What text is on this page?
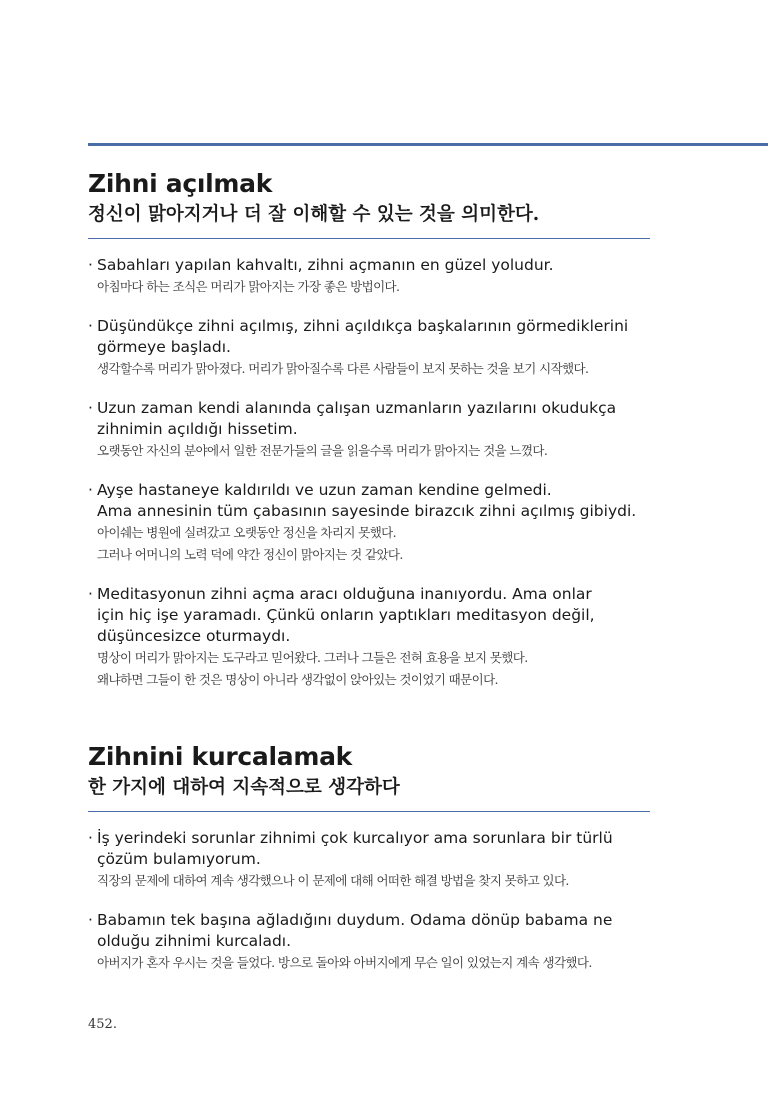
Zihni açılmak

정신이 맑아지거나 더 잘 이해할 수 있는 것을 의미한다.

· Sabahları yapılan kahvaltı, zihni açmanın en güzel yoludur.

아침마다 하는 조식은 머리가 맑아지는 가장 좋은 방법이다.

· Düşündükçe zihni açılmış, zihni açıldıkça başkalarının görmediklerini

görmeye başladı.

생각할수록 머리가 맑아졌다. 머리가 맑아질수록 다른 사람들이 보지 못하는 것을 보기 시작했다.

· Uzun zaman kendi alanında çalışan uzmanların yazılarını okudukça

zihnimin açıldığı hissetim.

오랫동안 자신의 분야에서 일한 전문가들의 글을 읽을수록 머리가 맑아지는 것을 느꼈다.

· Ayşe hastaneye kaldırıldı ve uzun zaman kendine gelmedi.

Ama annesinin tüm çabasının sayesinde birazcık zihni açılmış gibiydi.

아이쉐는 병원에 실려갔고 오랫동안 정신을 차리지 못했다.

그러나 어머니의 노력 덕에 약간 정신이 맑아지는 것 같았다.

· Meditasyonun zihni açma aracı olduğuna inanıyordu. Ama onlar

için hiç işe yaramadı. Çünkü onların yaptıkları meditasyon değil,

düşüncesizce oturmaydı.

명상이 머리가 맑아지는 도구라고 믿어왔다. 그러나 그들은 전혀 효용을 보지 못했다.

왜냐하면 그들이 한 것은 명상이 아니라 생각없이 앉아있는 것이었기 때문이다.

Zihnini kurcalamak

한 가지에 대하여 지속적으로 생각하다

· İş yerindeki sorunlar zihnimi çok kurcalıyor ama sorunlara bir türlü

çözüm bulamıyorum.

직장의 문제에 대하여 계속 생각했으나 이 문제에 대해 어떠한 해결 방법을 찾지 못하고 있다.

· Babamın tek başına ağladığını duydum. Odama dönüp babama ne

olduğu zihnimi kurcaladı.

아버지가 혼자 우시는 것을 들었다. 방으로 돌아와 아버지에게 무슨 일이 있었는지 계속 생각했다.

452.
